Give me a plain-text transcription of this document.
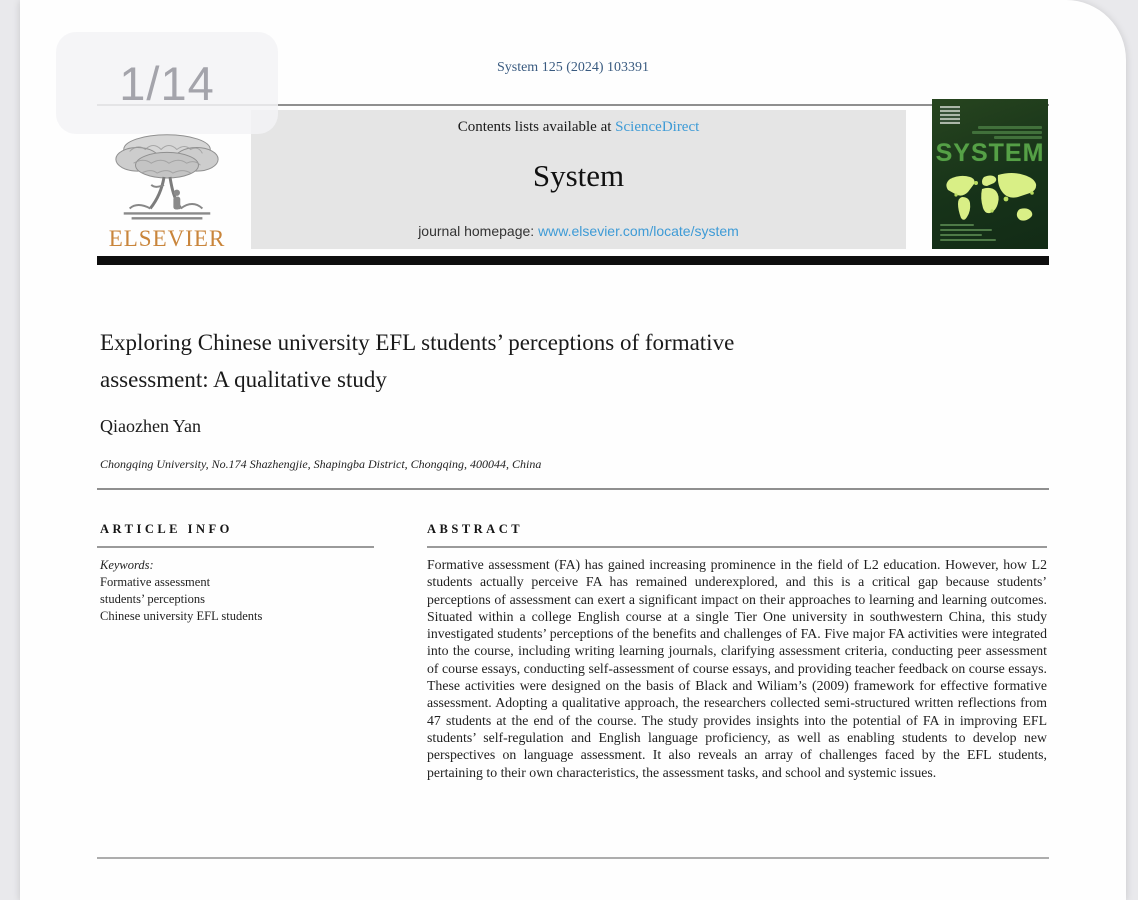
System 125 (2024) 103391
ELSEVIER
Contents lists available at ScienceDirect
System
journal homepage: www.elsevier.com/locate/system
SYSTEM
Exploring Chinese university EFL students’ perceptions of formative assessment: A qualitative study
Qiaozhen Yan
Chongqing University, No.174 Shazhengjie, Shapingba District, Chongqing, 400044, China
ARTICLE INFO	ABSTRACT
Keywords:
Formative assessment
students’ perceptions
Chinese university EFL students

Formative assessment (FA) has gained increasing prominence in the field of L2 education. However, how L2 students actually perceive FA has remained underexplored, and this is a critical gap because students’ perceptions of assessment can exert a significant impact on their approaches to learning and learning outcomes. Situated within a college English course at a single Tier One university in southwestern China, this study investigated students’ perceptions of the benefits and challenges of FA. Five major FA activities were integrated into the course, including writing learning journals, clarifying assessment criteria, conducting peer assessment of course essays, conducting self-assessment of course essays, and providing teacher feedback on course essays. These activities were designed on the basis of Black and Wiliam’s (2009) framework for effective formative assessment. Adopting a qualitative approach, the researchers collected semi-structured written reflections from 47 students at the end of the course. The study provides insights into the potential of FA in improving EFL students’ self-regulation and English language proficiency, as well as enabling students to develop new perspectives on language assessment. It also reveals an array of challenges faced by the EFL students, pertaining to their own characteristics, the assessment tasks, and school and systemic issues.

1/14
